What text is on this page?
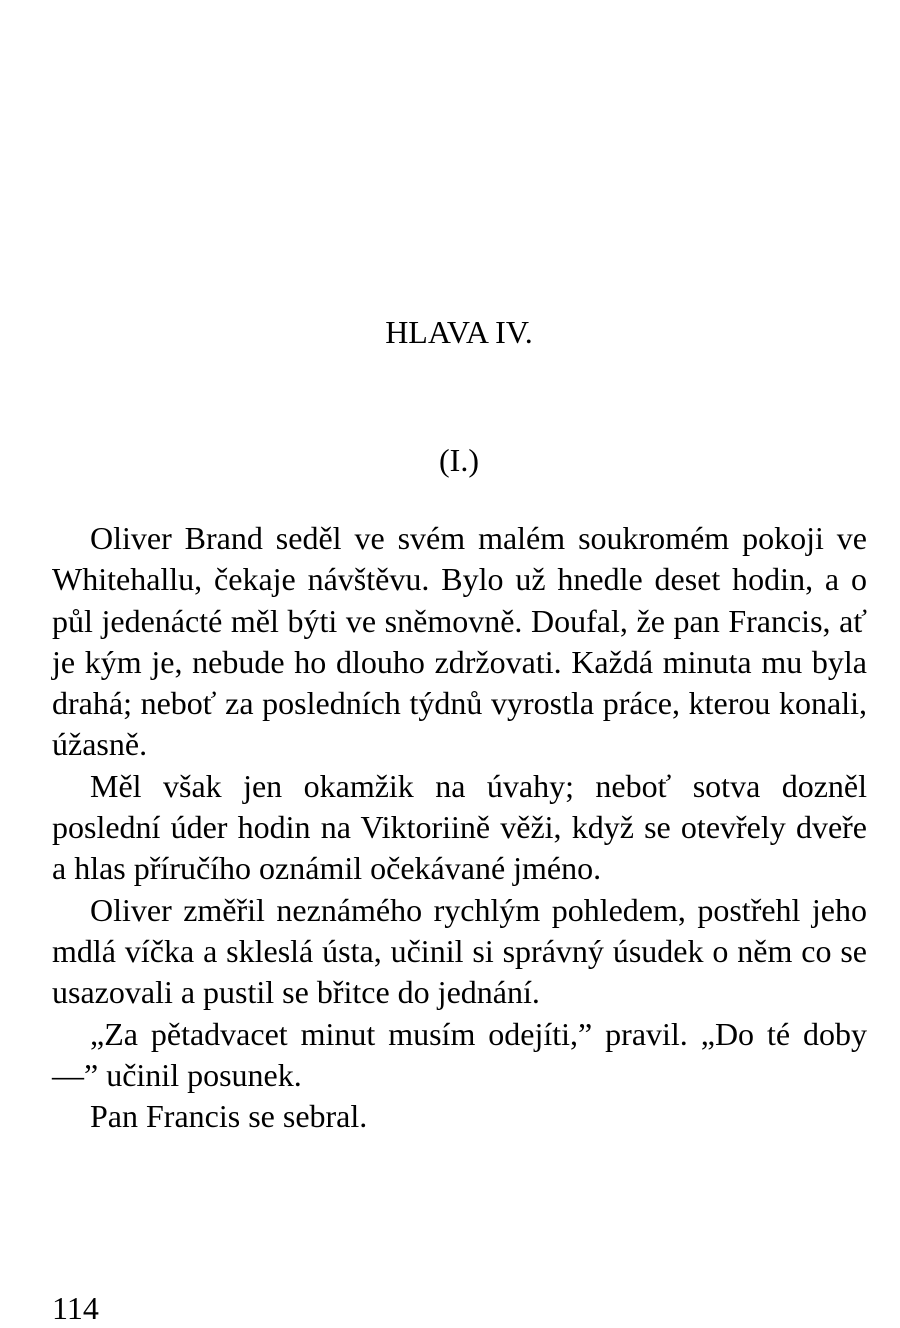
HLAVA IV.
(I.)

Oliver Brand seděl ve svém malém soukromém pokoji ve Whitehallu, čekaje návštěvu. Bylo už hnedle deset hodin, a o půl jedenácté měl býti ve sněmovně. Doufal, že pan Francis, ať je kým je, nebude ho dlouho zdržovati. Každá minuta mu byla drahá; neboť za posledních týdnů vyrostla práce, kterou konali, úžasně.

Měl však jen okamžik na úvahy; neboť sotva dozněl poslední úder hodin na Viktoriině věži, když se otevřely dveře a hlas příručího oznámil očekávané jméno.

Oliver změřil neznámého rychlým pohledem, postřehl jeho mdlá víčka a skleslá ústa, učinil si správný úsudek o něm co se usazovali a pustil se břitce do jednání.

„Za pětadvacet minut musím odejíti,” pravil. „Do té doby —” učinil posunek.

Pan Francis se sebral.

114
